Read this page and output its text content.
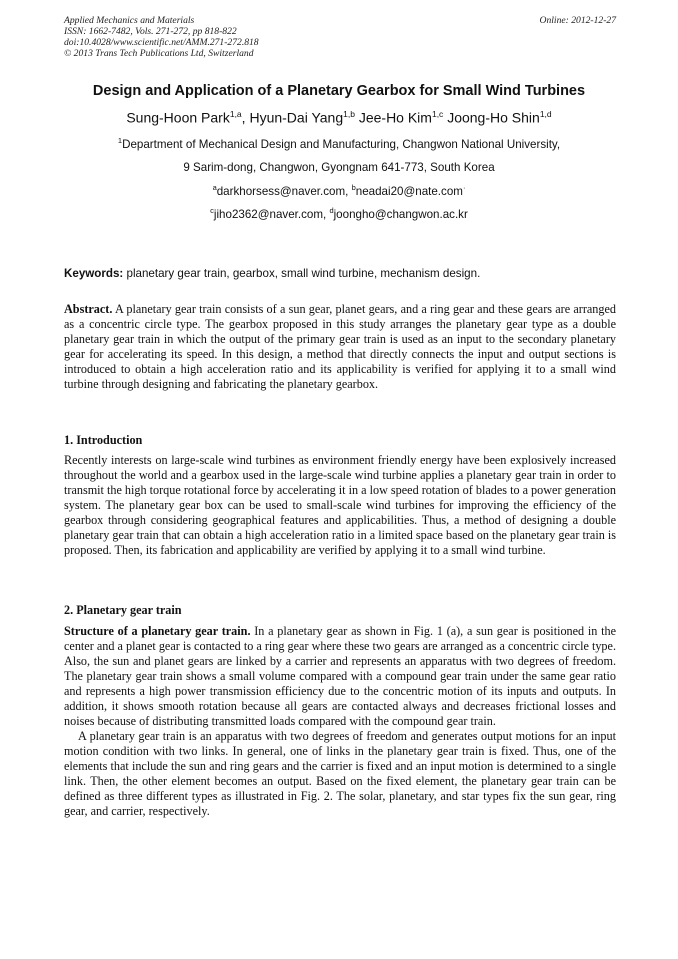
Applied Mechanics and Materials
ISSN: 1662-7482, Vols. 271-272, pp 818-822
doi:10.4028/www.scientific.net/AMM.271-272.818
© 2013 Trans Tech Publications Ltd, Switzerland
Online: 2012-12-27
Design and Application of a Planetary Gearbox for Small Wind Turbines
Sung-Hoon Park$^{1,a}$, Hyun-Dai Yang$^{1,b}$ Jee-Ho Kim$^{1,c}$ Joong-Ho Shin$^{1,d}$
$^1$Department of Mechanical Design and Manufacturing, Changwon National University,
9 Sarim-dong, Changwon, Gyongnam 641-773, South Korea
$^a$darkhorsess@naver.com, $^b$neadai20@nate.com·
$^c$jiho2362@naver.com, $^d$joongho@changwon.ac.kr
Keywords: planetary gear train, gearbox, small wind turbine, mechanism design.
Abstract. A planetary gear train consists of a sun gear, planet gears, and a ring gear and these gears are arranged as a concentric circle type. The gearbox proposed in this study arranges the planetary gear type as a double planetary gear train in which the output of the primary gear train is used as an input to the secondary planetary gear for accelerating its speed. In this design, a method that directly connects the input and output sections is introduced to obtain a high acceleration ratio and its applicability is verified for applying it to a small wind turbine through designing and fabricating the planetary gearbox.
1. Introduction
Recently interests on large-scale wind turbines as environment friendly energy have been explosively increased throughout the world and a gearbox used in the large-scale wind turbine applies a planetary gear train in order to transmit the high torque rotational force by accelerating it in a low speed rotation of blades to a power generation system. The planetary gear box can be used to small-scale wind turbines for improving the efficiency of the gearbox through considering geographical features and applicabilities. Thus, a method of designing a double planetary gear train that can obtain a high acceleration ratio in a limited space based on the planetary gear train is proposed. Then, its fabrication and applicability are verified by applying it to a small wind turbine.
2. Planetary gear train
Structure of a planetary gear train. In a planetary gear as shown in Fig. 1 (a), a sun gear is positioned in the center and a planet gear is contacted to a ring gear where these two gears are arranged as a concentric circle type. Also, the sun and planet gears are linked by a carrier and represents an apparatus with two degrees of freedom. The planetary gear train shows a small volume compared with a compound gear train under the same gear ratio and represents a high power transmission efficiency due to the concentric motion of its inputs and outputs. In addition, it shows smooth rotation because all gears are contacted always and decreases frictional losses and noises because of distributing transmitted loads compared with the compound gear train.
A planetary gear train is an apparatus with two degrees of freedom and generates output motions for an input motion condition with two links. In general, one of links in the planetary gear train is fixed. Thus, one of the elements that include the sun and ring gears and the carrier is fixed and an input motion is determined to a single link. Then, the other element becomes an output. Based on the fixed element, the planetary gear train can be defined as three different types as illustrated in Fig. 2. The solar, planetary, and star types fix the sun gear, ring gear, and carrier, respectively.
